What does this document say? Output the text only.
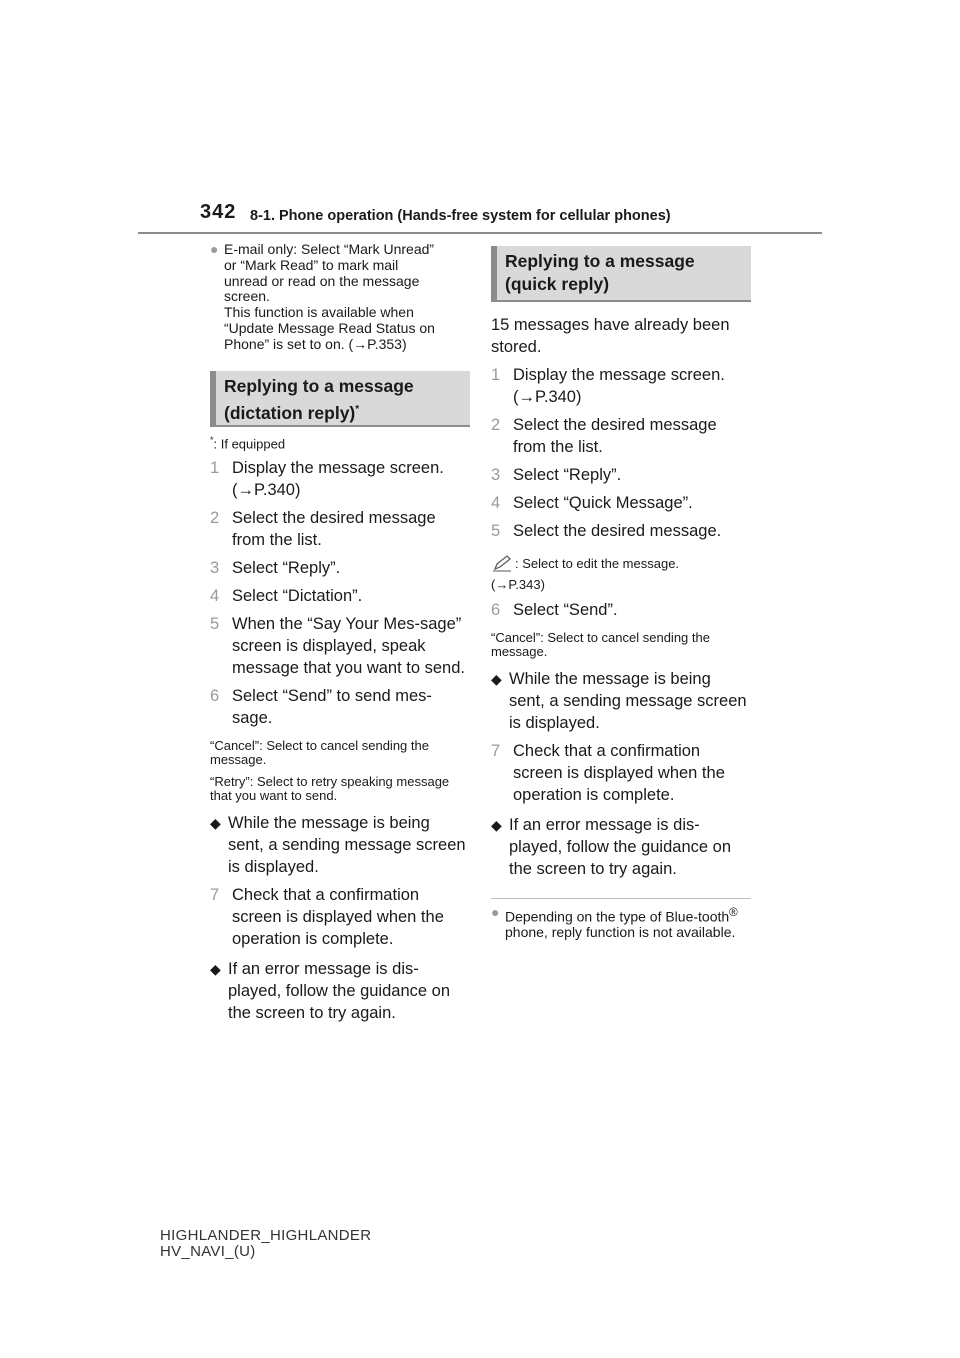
342 8-1. Phone operation (Hands-free system for cellular phones)
● E-mail only: Select “Mark Unread”
or “Mark Read” to mark mail
unread or read on the message
screen.
This function is available when
“Update Message Read Status on
Phone” is set to on. (→P.353)
Replying to a message
(dictation reply)*
*: If equipped
1 Display the message screen. (→P.340)
2 Select the desired message from the list.
3 Select “Reply”.
4 Select “Dictation”.
5 When the “Say Your Mes-sage” screen is displayed, speak message that you want to send.
6 Select “Send” to send mes-sage.
“Cancel”: Select to cancel sending the message.
“Retry”: Select to retry speaking message that you want to send.
◆ While the message is being sent, a sending message screen is displayed.
7 Check that a confirmation screen is displayed when the operation is complete.
◆ If an error message is dis-played, follow the guidance on the screen to try again.
Replying to a message
(quick reply)
15 messages have already been stored.
1 Display the message screen. (→P.340)
2 Select the desired message from the list.
3 Select “Reply”.
4 Select “Quick Message”.
5 Select the desired message.
: Select to edit the message.
(→P.343)
6 Select “Send”.
“Cancel”: Select to cancel sending the message.
◆ While the message is being sent, a sending message screen is displayed.
7 Check that a confirmation screen is displayed when the operation is complete.
◆ If an error message is dis-played, follow the guidance on the screen to try again.
● Depending on the type of Blue-tooth® phone, reply function is not available.
HIGHLANDER_HIGHLANDER
HV_NAVI_(U)
